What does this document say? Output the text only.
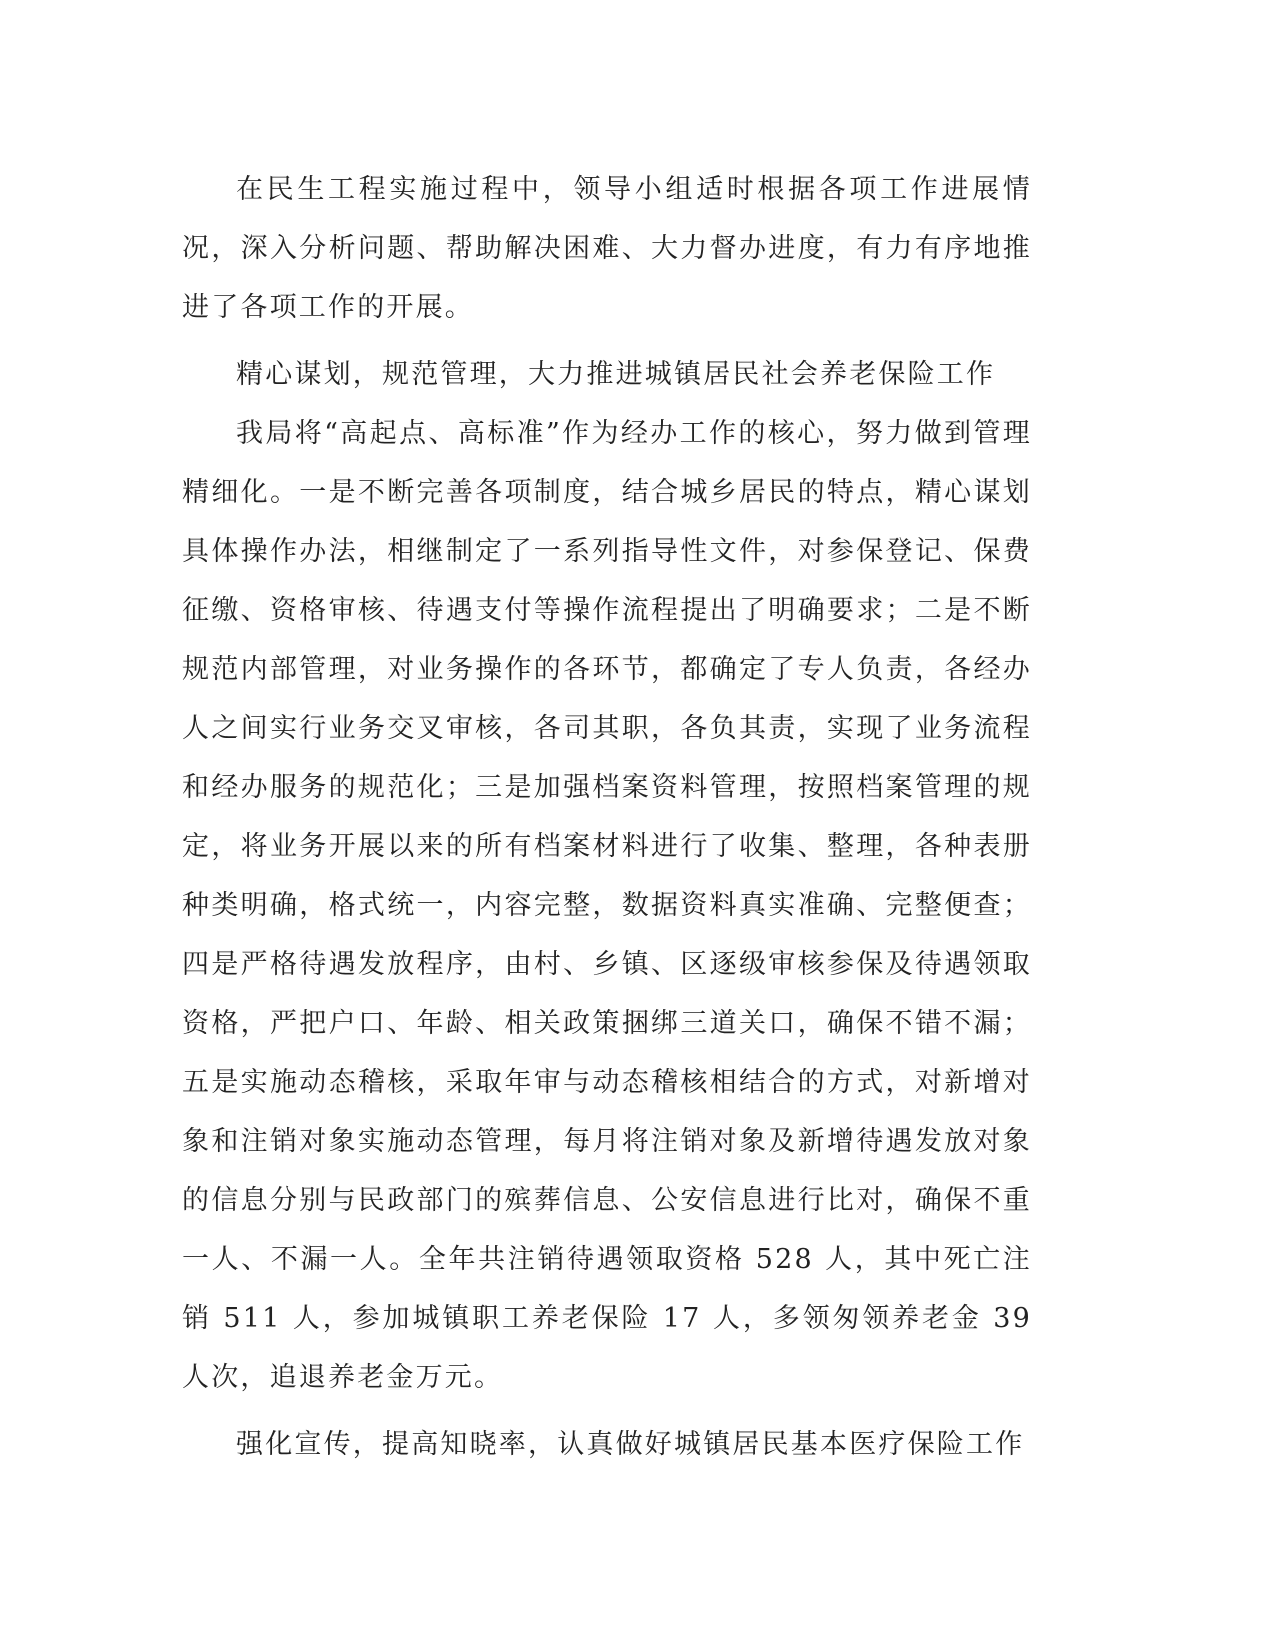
在民生工程实施过程中，领导小组适时根据各项工作进展情况，深入分析问题、帮助解决困难、大力督办进度，有力有序地推进了各项工作的开展。

精心谋划，规范管理，大力推进城镇居民社会养老保险工作

我局将“高起点、高标准”作为经办工作的核心，努力做到管理精细化。一是不断完善各项制度，结合城乡居民的特点，精心谋划具体操作办法，相继制定了一系列指导性文件，对参保登记、保费征缴、资格审核、待遇支付等操作流程提出了明确要求；二是不断规范内部管理，对业务操作的各环节，都确定了专人负责，各经办人之间实行业务交叉审核，各司其职，各负其责，实现了业务流程和经办服务的规范化；三是加强档案资料管理，按照档案管理的规定，将业务开展以来的所有档案材料进行了收集、整理，各种表册种类明确，格式统一，内容完整，数据资料真实准确、完整便查；四是严格待遇发放程序，由村、乡镇、区逐级审核参保及待遇领取资格，严把户口、年龄、相关政策捆绑三道关口，确保不错不漏；五是实施动态稽核，采取年审与动态稽核相结合的方式，对新增对象和注销对象实施动态管理，每月将注销对象及新增待遇发放对象的信息分别与民政部门的殡葬信息、公安信息进行比对，确保不重一人、不漏一人。全年共注销待遇领取资格 528 人，其中死亡注销 511 人，参加城镇职工养老保险 17 人，多领匆领养老金 39 人次，追退养老金万元。

强化宣传，提高知晓率，认真做好城镇居民基本医疗保险工作
